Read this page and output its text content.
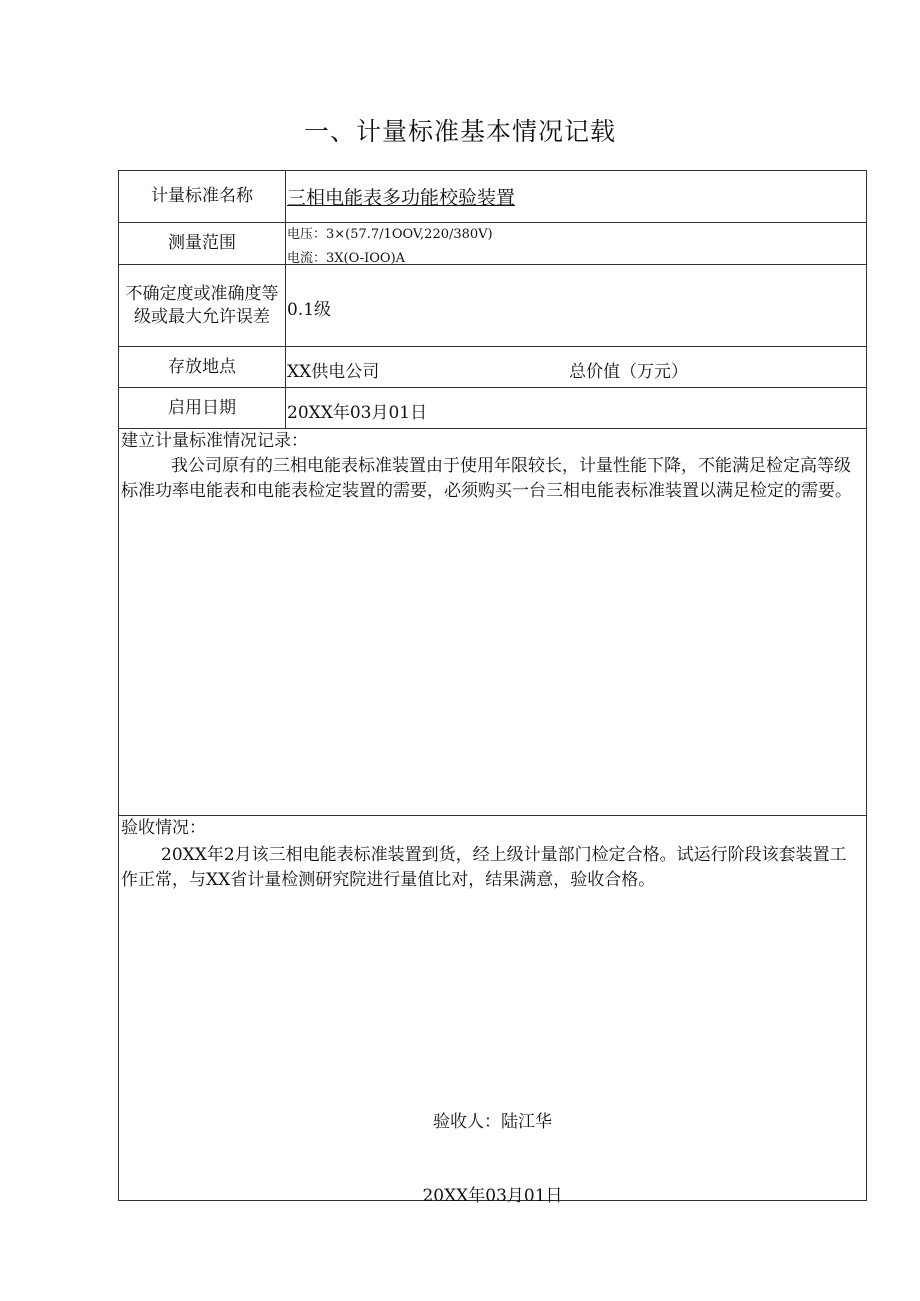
一、计量标准基本情况记载
计量标准名称	三相电能表多功能校验装置
测量范围	电压：3×(57.7/1OOV,220/380V)
电流：3X(O-IOO)A
不确定度或准确度等级或最大允许误差	0.1级
存放地点	XX供电公司	总价值（万元）
启用日期	20XX年03月01日
建立计量标准情况记录：
我公司原有的三相电能表标准装置由于使用年限较长，计量性能下降，不能满足检定高等级标准功率电能表和电能表检定装置的需要，必须购买一台三相电能表标准装置以满足检定的需要。
验收情况：
20XX年2月该三相电能表标准装置到货，经上级计量部门检定合格。试运行阶段该套装置工作正常，与XX省计量检测研究院进行量值比对，结果满意，验收合格。
验收人：陆江华
20XX年03月01日
